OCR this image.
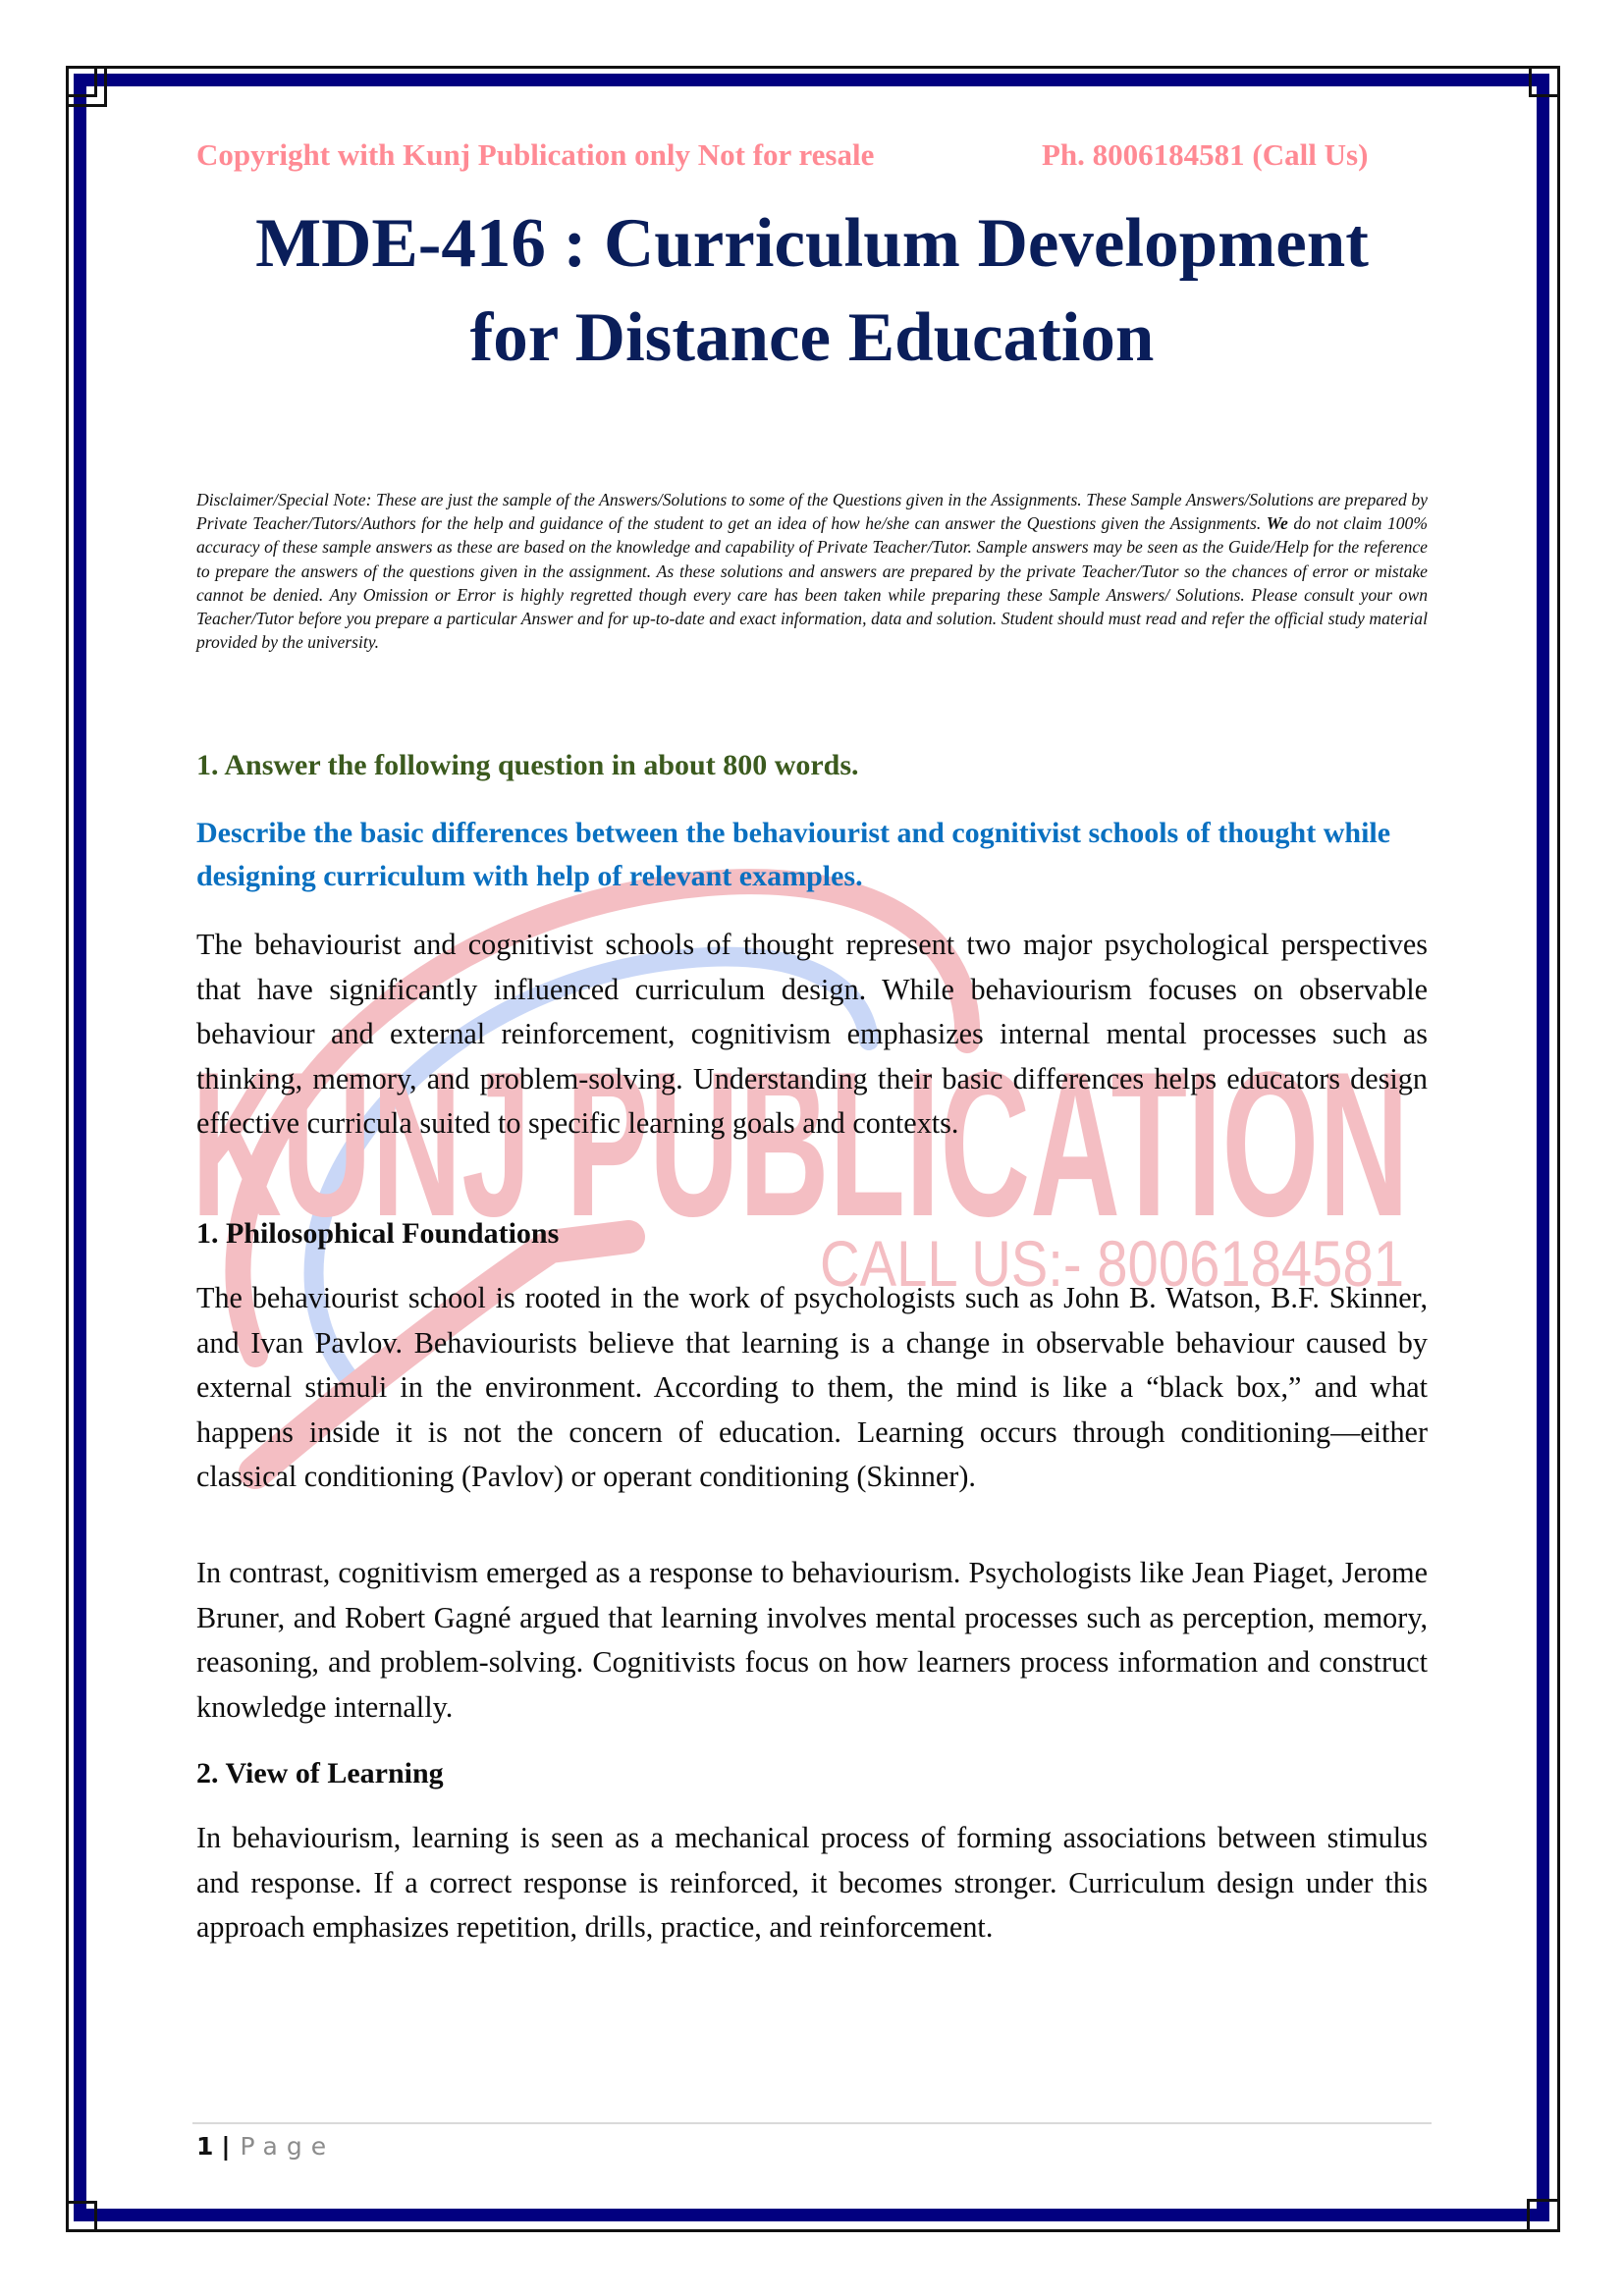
KUNJ PUBLICATION
CALL US:- 8006184581
Copyright with Kunj Publication only Not for resale	Ph. 8006184581 (Call Us)
MDE-416 : Curriculum Development
for Distance Education

Disclaimer/Special Note: These are just the sample of the Answers/Solutions to some of the Questions given in the Assignments. These Sample Answers/Solutions are prepared by Private Teacher/Tutors/Authors for the help and guidance of the student to get an idea of how he/she can answer the Questions given the Assignments. We do not claim 100% accuracy of these sample answers as these are based on the knowledge and capability of Private Teacher/Tutor. Sample answers may be seen as the Guide/Help for the reference to prepare the answers of the questions given in the assignment. As these solutions and answers are prepared by the private Teacher/Tutor so the chances of error or mistake cannot be denied. Any Omission or Error is highly regretted though every care has been taken while preparing these Sample Answers/ Solutions. Please consult your own Teacher/Tutor before you prepare a particular Answer and for up-to-date and exact information, data and solution. Student should must read and refer the official study material provided by the university.

1. Answer the following question in about 800 words.

Describe the basic differences between the behaviourist and cognitivist schools of thought while designing curriculum with help of relevant examples.

The behaviourist and cognitivist schools of thought represent two major psychological perspectives that have significantly influenced curriculum design. While behaviourism focuses on observable behaviour and external reinforcement, cognitivism emphasizes internal mental processes such as thinking, memory, and problem-solving. Understanding their basic differences helps educators design effective curricula suited to specific learning goals and contexts.

1. Philosophical Foundations

The behaviourist school is rooted in the work of psychologists such as John B. Watson, B.F. Skinner, and Ivan Pavlov. Behaviourists believe that learning is a change in observable behaviour caused by external stimuli in the environment. According to them, the mind is like a “black box,” and what happens inside it is not the concern of education. Learning occurs through conditioning—either classical conditioning (Pavlov) or operant conditioning (Skinner).

In contrast, cognitivism emerged as a response to behaviourism. Psychologists like Jean Piaget, Jerome Bruner, and Robert Gagné argued that learning involves mental processes such as perception, memory, reasoning, and problem-solving. Cognitivists focus on how learners process information and construct knowledge internally.

2. View of Learning

In behaviourism, learning is seen as a mechanical process of forming associations between stimulus and response. If a correct response is reinforced, it becomes stronger. Curriculum design under this approach emphasizes repetition, drills, practice, and reinforcement.

1 | Page
